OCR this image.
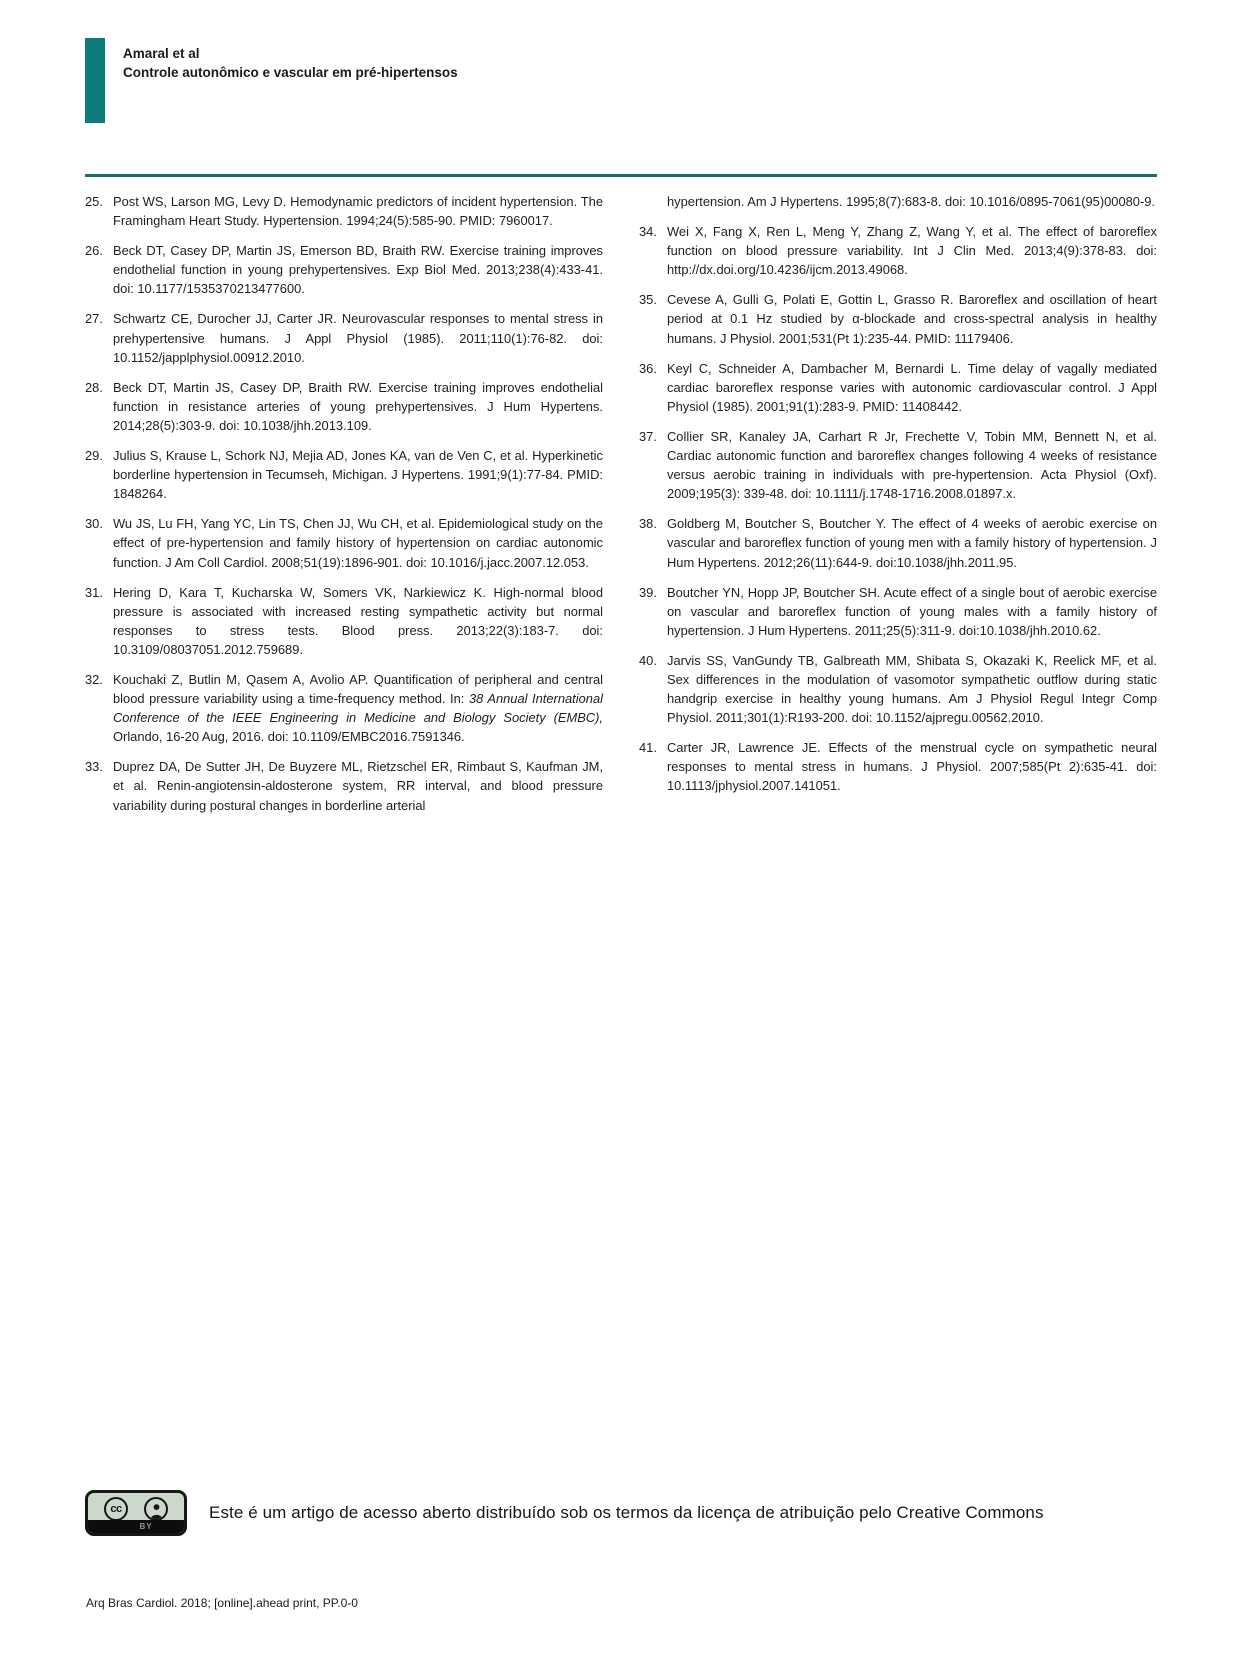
Amaral et al
Controle autonômico e vascular em pré-hipertensos
25. Post WS, Larson MG, Levy D. Hemodynamic predictors of incident hypertension. The Framingham Heart Study. Hypertension. 1994;24(5):585-90. PMID: 7960017.
26. Beck DT, Casey DP, Martin JS, Emerson BD, Braith RW. Exercise training improves endothelial function in young prehypertensives. Exp Biol Med. 2013;238(4):433-41. doi: 10.1177/1535370213477600.
27. Schwartz CE, Durocher JJ, Carter JR. Neurovascular responses to mental stress in prehypertensive humans. J Appl Physiol (1985). 2011;110(1):76-82. doi: 10.1152/japplphysiol.00912.2010.
28. Beck DT, Martin JS, Casey DP, Braith RW. Exercise training improves endothelial function in resistance arteries of young prehypertensives. J Hum Hypertens. 2014;28(5):303-9. doi: 10.1038/jhh.2013.109.
29. Julius S, Krause L, Schork NJ, Mejia AD, Jones KA, van de Ven C, et al. Hyperkinetic borderline hypertension in Tecumseh, Michigan. J Hypertens. 1991;9(1):77-84. PMID: 1848264.
30. Wu JS, Lu FH, Yang YC, Lin TS, Chen JJ, Wu CH, et al. Epidemiological study on the effect of pre-hypertension and family history of hypertension on cardiac autonomic function. J Am Coll Cardiol. 2008;51(19):1896-901. doi: 10.1016/j.jacc.2007.12.053.
31. Hering D, Kara T, Kucharska W, Somers VK, Narkiewicz K. High-normal blood pressure is associated with increased resting sympathetic activity but normal responses to stress tests. Blood press. 2013;22(3):183-7. doi: 10.3109/08037051.2012.759689.
32. Kouchaki Z, Butlin M, Qasem A, Avolio AP. Quantification of peripheral and central blood pressure variability using a time-frequency method. In: 38 Annual International Conference of the IEEE Engineering in Medicine and Biology Society (EMBC), Orlando, 16-20 Aug, 2016. doi: 10.1109/EMBC2016.7591346.
33. Duprez DA, De Sutter JH, De Buyzere ML, Rietzschel ER, Rimbaut S, Kaufman JM, et al. Renin-angiotensin-aldosterone system, RR interval, and blood pressure variability during postural changes in borderline arterial
hypertension. Am J Hypertens. 1995;8(7):683-8. doi: 10.1016/0895-7061(95)00080-9.
34. Wei X, Fang X, Ren L, Meng Y, Zhang Z, Wang Y, et al. The effect of baroreflex function on blood pressure variability. Int J Clin Med. 2013;4(9):378-83. doi: http://dx.doi.org/10.4236/ijcm.2013.49068.
35. Cevese A, Gulli G, Polati E, Gottin L, Grasso R. Baroreflex and oscillation of heart period at 0.1 Hz studied by α-blockade and cross-spectral analysis in healthy humans. J Physiol. 2001;531(Pt 1):235-44. PMID: 11179406.
36. Keyl C, Schneider A, Dambacher M, Bernardi L. Time delay of vagally mediated cardiac baroreflex response varies with autonomic cardiovascular control. J Appl Physiol (1985). 2001;91(1):283-9. PMID: 11408442.
37. Collier SR, Kanaley JA, Carhart R Jr, Frechette V, Tobin MM, Bennett N, et al. Cardiac autonomic function and baroreflex changes following 4 weeks of resistance versus aerobic training in individuals with pre-hypertension. Acta Physiol (Oxf). 2009;195(3): 339-48. doi: 10.1111/j.1748-1716.2008.01897.x.
38. Goldberg M, Boutcher S, Boutcher Y. The effect of 4 weeks of aerobic exercise on vascular and baroreflex function of young men with a family history of hypertension. J Hum Hypertens. 2012;26(11):644-9. doi:10.1038/jhh.2011.95.
39. Boutcher YN, Hopp JP, Boutcher SH. Acute effect of a single bout of aerobic exercise on vascular and baroreflex function of young males with a family history of hypertension. J Hum Hypertens. 2011;25(5):311-9. doi:10.1038/jhh.2010.62.
40. Jarvis SS, VanGundy TB, Galbreath MM, Shibata S, Okazaki K, Reelick MF, et al. Sex differences in the modulation of vasomotor sympathetic outflow during static handgrip exercise in healthy young humans. Am J Physiol Regul Integr Comp Physiol. 2011;301(1):R193-200. doi: 10.1152/ajpregu.00562.2010.
41. Carter JR, Lawrence JE. Effects of the menstrual cycle on sympathetic neural responses to mental stress in humans. J Physiol. 2007;585(Pt 2):635-41. doi: 10.1113/jphysiol.2007.141051.
cc
BY
Este é um artigo de acesso aberto distribuído sob os termos da licença de atribuição pelo Creative Commons
Arq Bras Cardiol. 2018; [online].ahead print, PP.0-0
